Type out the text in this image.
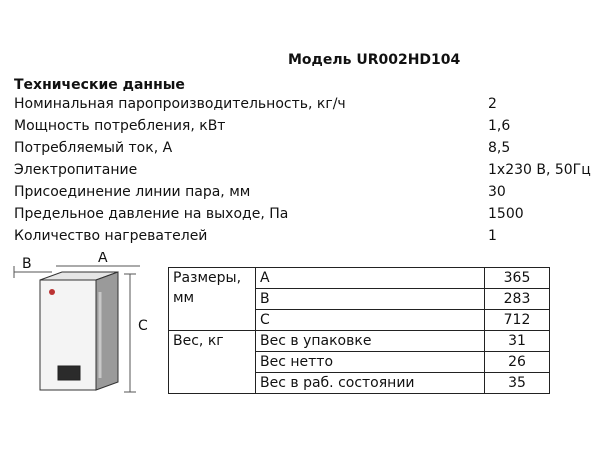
Модель UR002HD104
Технические данные
Номинальная паропроизводительность, кг/ч	2
Мощность потребления, кВт	1,6
Потребляемый ток, А	8,5
Электропитание	1x230 В, 50Гц
Присоединение линии пара, мм	30
Предельное давление на выходе, Па	1500
Количество нагревателей	1
B	A
C
Размеры, мм	A	365
	B	283
	C	712
Вес, кг	Вес в упаковке	31
	Вес нетто	26
	Вес в раб. состоянии	35
